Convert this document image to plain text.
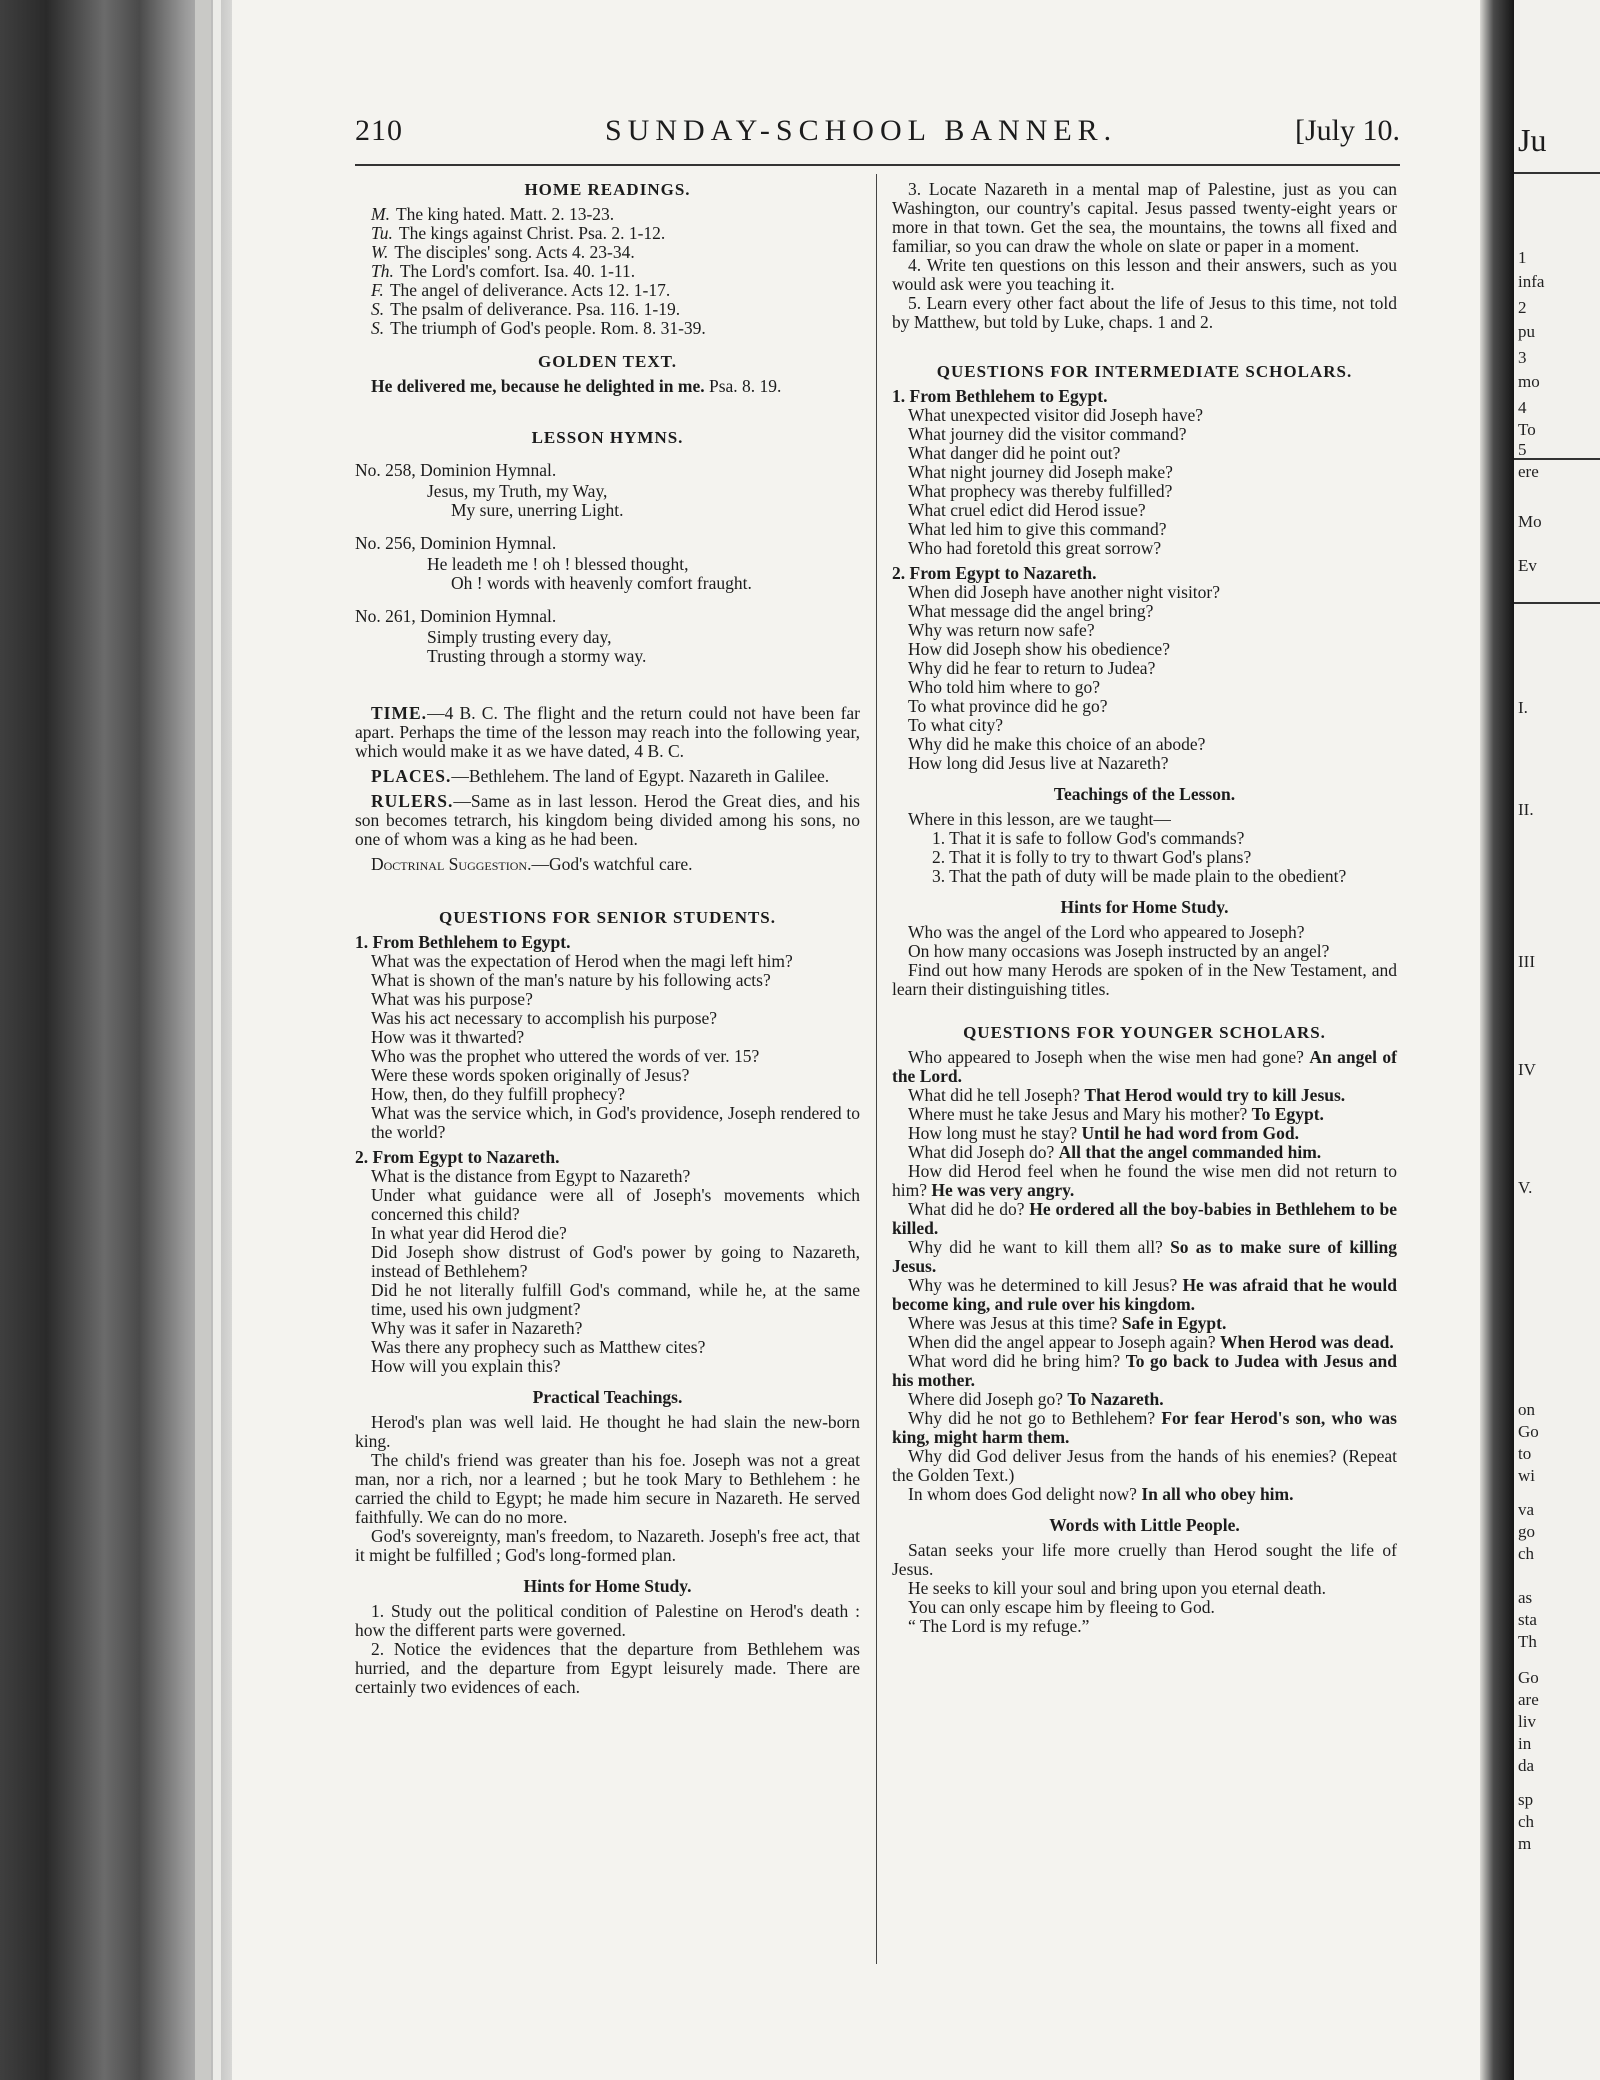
Ju
1
infa
2
pu
3
mo
4
To
5
ere
Mo
Ev
I.
II.
III
IV
V.
on
Go
to
wi
va
go
ch
as
sta
Th
Go
are
liv
in
da
sp
ch
m
210	SUNDAY-SCHOOL BANNER.	[July 10.
HOME READINGS.

M. The king hated. Matt. 2. 13-23.

Tu. The kings against Christ. Psa. 2. 1-12.

W. The disciples' song. Acts 4. 23-34.

Th. The Lord's comfort. Isa. 40. 1-11.

F. The angel of deliverance. Acts 12. 1-17.

S. The psalm of deliverance. Psa. 116. 1-19.

S. The triumph of God's people. Rom. 8. 31-39.

GOLDEN TEXT.

He delivered me, because he delighted in me. Psa. 8. 19.

LESSON HYMNS.

No. 258, Dominion Hymnal.

Jesus, my Truth, my Way,

My sure, unerring Light.

No. 256, Dominion Hymnal.

He leadeth me ! oh ! blessed thought,

Oh ! words with heavenly comfort fraught.

No. 261, Dominion Hymnal.

Simply trusting every day,

Trusting through a stormy way.

TIME.—4 B. C. The flight and the return could not have been far apart. Perhaps the time of the lesson may reach into the following year, which would make it as we have dated, 4 B. C.

PLACES.—Bethlehem. The land of Egypt. Nazareth in Galilee.

RULERS.—Same as in last lesson. Herod the Great dies, and his son becomes tetrarch, his kingdom being divided among his sons, no one of whom was a king as he had been.

Doctrinal Suggestion.—God's watchful care.

QUESTIONS FOR SENIOR STUDENTS.

1. From Bethlehem to Egypt.

What was the expectation of Herod when the magi left him?

What is shown of the man's nature by his following acts?

What was his purpose?

Was his act necessary to accomplish his purpose?

How was it thwarted?

Who was the prophet who uttered the words of ver. 15?

Were these words spoken originally of Jesus?

How, then, do they fulfill prophecy?

What was the service which, in God's providence, Joseph rendered to the world?

2. From Egypt to Nazareth.

What is the distance from Egypt to Nazareth?

Under what guidance were all of Joseph's movements which concerned this child?

In what year did Herod die?

Did Joseph show distrust of God's power by going to Nazareth, instead of Bethlehem?

Did he not literally fulfill God's command, while he, at the same time, used his own judgment?

Why was it safer in Nazareth?

Was there any prophecy such as Matthew cites?

How will you explain this?

Practical Teachings.

Herod's plan was well laid. He thought he had slain the new-born king.

The child's friend was greater than his foe. Joseph was not a great man, nor a rich, nor a learned ; but he took Mary to Bethlehem : he carried the child to Egypt; he made him secure in Nazareth. He served faithfully. We can do no more.

God's sovereignty, man's freedom, to Nazareth. Joseph's free act, that it might be fulfilled ; God's long-formed plan.

Hints for Home Study.

1. Study out the political condition of Palestine on Herod's death : how the different parts were governed.

2. Notice the evidences that the departure from Bethlehem was hurried, and the departure from Egypt leisurely made. There are certainly two evidences of each.

3. Locate Nazareth in a mental map of Palestine, just as you can Washington, our country's capital. Jesus passed twenty-eight years or more in that town. Get the sea, the mountains, the towns all fixed and familiar, so you can draw the whole on slate or paper in a moment.

4. Write ten questions on this lesson and their answers, such as you would ask were you teaching it.

5. Learn every other fact about the life of Jesus to this time, not told by Matthew, but told by Luke, chaps. 1 and 2.

QUESTIONS FOR INTERMEDIATE SCHOLARS.

1. From Bethlehem to Egypt.

What unexpected visitor did Joseph have?

What journey did the visitor command?

What danger did he point out?

What night journey did Joseph make?

What prophecy was thereby fulfilled?

What cruel edict did Herod issue?

What led him to give this command?

Who had foretold this great sorrow?

2. From Egypt to Nazareth.

When did Joseph have another night visitor?

What message did the angel bring?

Why was return now safe?

How did Joseph show his obedience?

Why did he fear to return to Judea?

Who told him where to go?

To what province did he go?

To what city?

Why did he make this choice of an abode?

How long did Jesus live at Nazareth?

Teachings of the Lesson.

Where in this lesson, are we taught—

1. That it is safe to follow God's commands?

2. That it is folly to try to thwart God's plans?

3. That the path of duty will be made plain to the obedient?

Hints for Home Study.

Who was the angel of the Lord who appeared to Joseph?

On how many occasions was Joseph instructed by an angel?

Find out how many Herods are spoken of in the New Testament, and learn their distinguishing titles.

QUESTIONS FOR YOUNGER SCHOLARS.

Who appeared to Joseph when the wise men had gone? An angel of the Lord.

What did he tell Joseph? That Herod would try to kill Jesus.

Where must he take Jesus and Mary his mother? To Egypt.

How long must he stay? Until he had word from God.

What did Joseph do? All that the angel commanded him.

How did Herod feel when he found the wise men did not return to him? He was very angry.

What did he do? He ordered all the boy-babies in Bethlehem to be killed.

Why did he want to kill them all? So as to make sure of killing Jesus.

Why was he determined to kill Jesus? He was afraid that he would become king, and rule over his kingdom.

Where was Jesus at this time? Safe in Egypt.

When did the angel appear to Joseph again? When Herod was dead.

What word did he bring him? To go back to Judea with Jesus and his mother.

Where did Joseph go? To Nazareth.

Why did he not go to Bethlehem? For fear Herod's son, who was king, might harm them.

Why did God deliver Jesus from the hands of his enemies? (Repeat the Golden Text.)

In whom does God delight now? In all who obey him.

Words with Little People.

Satan seeks your life more cruelly than Herod sought the life of Jesus.

He seeks to kill your soul and bring upon you eternal death.

You can only escape him by fleeing to God.

“ The Lord is my refuge.”
